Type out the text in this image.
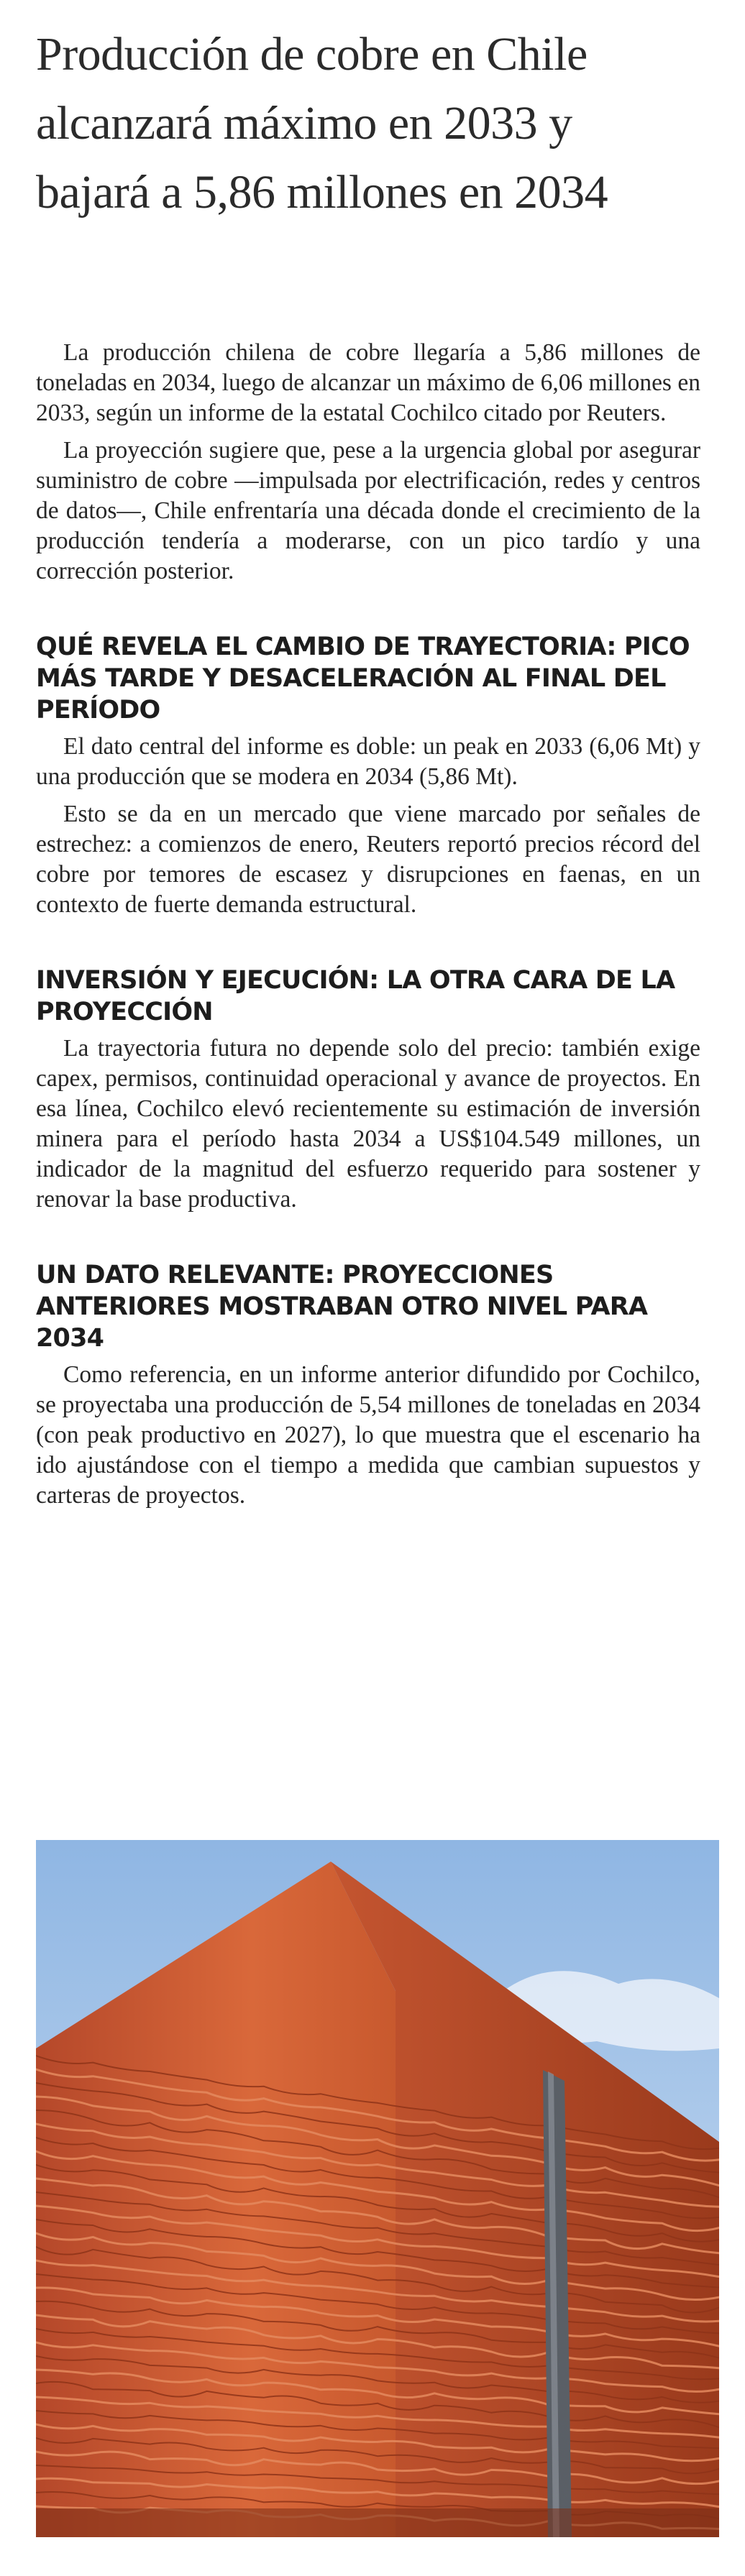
Producción de cobre en Chile alcanzará máximo en 2033 y bajará a 5,86 millones en 2034

La producción chilena de cobre llegaría a 5,86 millones de toneladas en 2034, luego de alcanzar un máximo de 6,06 millones en 2033, según un informe de la estatal Cochilco citado por Reuters.

La proyección sugiere que, pese a la urgencia global por asegurar suministro de cobre —impulsada por electrificación, redes y centros de datos—, Chile enfrentaría una década donde el crecimiento de la producción tendería a moderarse, con un pico tardío y una corrección posterior.

QUÉ REVELA EL CAMBIO DE TRAYECTORIA: PICO MÁS TARDE Y DESACELERACIÓN AL FINAL DEL PERÍODO

El dato central del informe es doble: un peak en 2033 (6,06 Mt) y una producción que se modera en 2034 (5,86 Mt).

Esto se da en un mercado que viene marcado por señales de estrechez: a comienzos de enero, Reuters reportó precios récord del cobre por temores de escasez y disrupciones en faenas, en un contexto de fuerte demanda estructural.

INVERSIÓN Y EJECUCIÓN: LA OTRA CARA DE LA PROYECCIÓN

La trayectoria futura no depende solo del precio: también exige capex, permisos, continuidad operacional y avance de proyectos. En esa línea, Cochilco elevó recientemente su estimación de inversión minera para el período hasta 2034 a US$104.549 millones, un indicador de la magnitud del esfuerzo requerido para sostener y renovar la base productiva.

UN DATO RELEVANTE: PROYECCIONES ANTERIORES MOSTRABAN OTRO NIVEL PARA 2034

Como referencia, en un informe anterior difundido por Cochilco, se proyectaba una producción de 5,54 millones de toneladas en 2034 (con peak productivo en 2027), lo que muestra que el escenario ha ido ajustándose con el tiempo a medida que cambian supuestos y carteras de proyectos.
